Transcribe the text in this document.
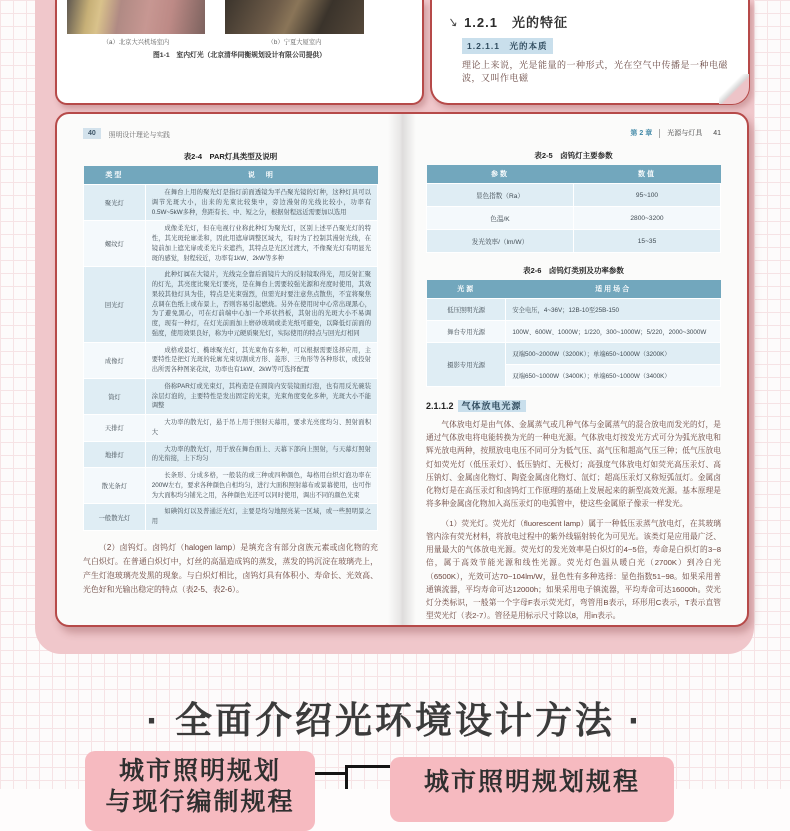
（a）北京大兴机场室内	（b）宁夏大厦室内
图1-1　室内灯光（北京清华同衡规划设计有限公司提供）
↘ 1.2.1　光的特征
1.2.1.1　光的本质
理论上来说，光是能量的一种形式，光在空气中传播是一种电磁波，又叫作电磁
40	照明设计理论与实践
表2-4　PAR灯具类型及说明
类型	说　明
聚光灯	在舞台上用的聚光灯是指灯前面透镜为平凸聚光镜的灯种，这种灯具可以调节光斑大小，出来的光束比较集中，旁边漫射的光线比较小，功率有0.5W~5kW多种，焦距有长、中、短之分，根据射程远近需要加以选用

螺纹灯	成像柔光灯，但在电视行业称此种灯为聚光灯，区别上述平凸聚光灯的特性，其光斑轮廓柔和，因此用遮扉调整区域大，有时为了控制其漫射光线，在镜前加上遮光扉或柔光片来遮挡，其特点是光区过渡大，不像聚光灯有明显光斑的感觉，射程较近，功率有1kW、2kW等多种

回光灯	此种灯属在大镜片，光线完全靠后面镜片大的反射镜取得光，用反射汇聚的灯光，其亮度比聚光灯要亮，是在舞台上需要较强光源和亮度时使用，其效果较其他灯具为佳，特点是光束强烈，但需光时要注意焦点散焦，不宜将聚焦点调在色纸上或布景上，否则容易引起燃烧。另外在使用时中心常出现黑心，为了避免黑心，可在灯前端中心加一个环状挡板，其射出的光斑大小不易调度，现有一种灯，在灯光前面加上磨砂玻璃或柔光纸可避免，以降低灯前面的强度，使用效果良好，称为中元硬质聚光灯，实际使用的特点与回光灯相同

成像灯	成格或景灯、椭球聚光灯，其光束角有多种，可以根据需要选择应用，主要特性是把灯光斑的轮廓光束切割成方形、菱形、三角形等各种形状，或投射出所需各种图案花纹，功率也有1kW、2kW等可选择配置

筒灯	俗称PAR灯或光束灯，其构造是在圆筒内安装镜面灯泡，也有用反光碗装涂层灯泡的，主要特性是发出固定的光束，光束角度变化多种，光斑大小不能调整

天排灯	大功率的散光灯，悬于吊上用于照射天幕用，要求光亮度均匀、照射面积大

地排灯	大功率的散光灯，用于放在舞台面上、天幕下部向上照射，与天幕灯照射的光衔接，上下均匀

散光条灯	长条形、分成多格，一般装的或三种或四种颜色，每格用白炽灯泡功率在200W左右，要求各种颜色自相均匀，进行大面积照射幕布或景幕使用，也可作为大面积均匀铺光之用，各种颜色光还可以同时使用，调出不同的颜色光束

一般散光灯	如碘钨灯以及普通泛光灯，主要是均匀地照亮某一区域，或一些照明景之用

（2）卤钨灯。卤钨灯（halogen lamp）是填充含有部分卤族元素或卤化物的充气白炽灯。在普通白炽灯中，灯丝的高温造成钨的蒸发，蒸发的钨沉淀在玻璃壳上，产生灯泡玻璃壳发黑的现象。与白炽灯相比，卤钨灯具有体积小、寿命长、光效高、光色好和光输出稳定的特点（表2-5、表2-6）。

第 2 章 光源与灯具 41
表2-5　卤钨灯主要参数
参数	数值
显色指数（Ra）	95~100
色温/K	2800~3200
发光效率/（lm/W）	15~35
表2-6　卤钨灯类别及功率参数
光源	适用场合
低压照明光源	安全电压，4~36V；12B-10至25B-150
舞台专用光源	100W、600W、1000W；1/220，300~1000W；5/220，2000~3000W
摄影专用光源	双端500~2000W（3200K）；单端650~1000W（3200K）
	双端650~1000W（3400K）；单端650~1000W（3400K）
2.1.1.2 气体放电光源

气体放电灯是由气体、金属蒸气或几种气体与金属蒸气的混合放电而发光的灯，是通过气体放电将电能转换为光的一种电光源。气体放电灯按发光方式可分为弧光放电和辉光放电两种，按照放电电压不同可分为低气压、高气压和超高气压三种；低气压放电灯如荧光灯（低压汞灯）、低压钠灯、无极灯；高强度气体放电灯如荧光高压汞灯、高压钠灯、金属卤化物灯、陶瓷金属卤化物灯、氙灯；超高压汞灯又称短弧氙灯。金属卤化物灯是在高压汞灯和卤钨灯工作原理的基础上发展起来的新型高效光源。基本原理是将多种金属卤化物加入高压汞灯的电弧管中，使这些金属原子像汞一样发光。

（1）荧光灯。荧光灯（fluorescent lamp）属于一种低压汞蒸气放电灯，在其玻璃管内涂有荧光材料，将放电过程中的紫外线辐射转化为可见光。该类灯是应用最广泛、用量最大的气体放电光源。荧光灯的发光效率是白炽灯的4~5倍，寿命是白炽灯的3~8倍，属于高效节能光源和线性光源。荧光灯色温从暖白光（2700K）到冷白光（6500K），光效可达70~104lm/W，显色性有多种选择：显色指数51~98。如果采用普通镇流器，平均寿命可达12000h；如果采用电子镇流器，平均寿命可达16000h。荧光灯分类标识，一般第一个字母F表示荧光灯，弯管用B表示，环形用C表示，T表示直管型荧光灯（表2-7）。管径是用标示尺寸除以8，用in表示。

· 全面介绍光环境设计方法 ·
城市照明规划
与现行编制规程
城市照明规划规程
